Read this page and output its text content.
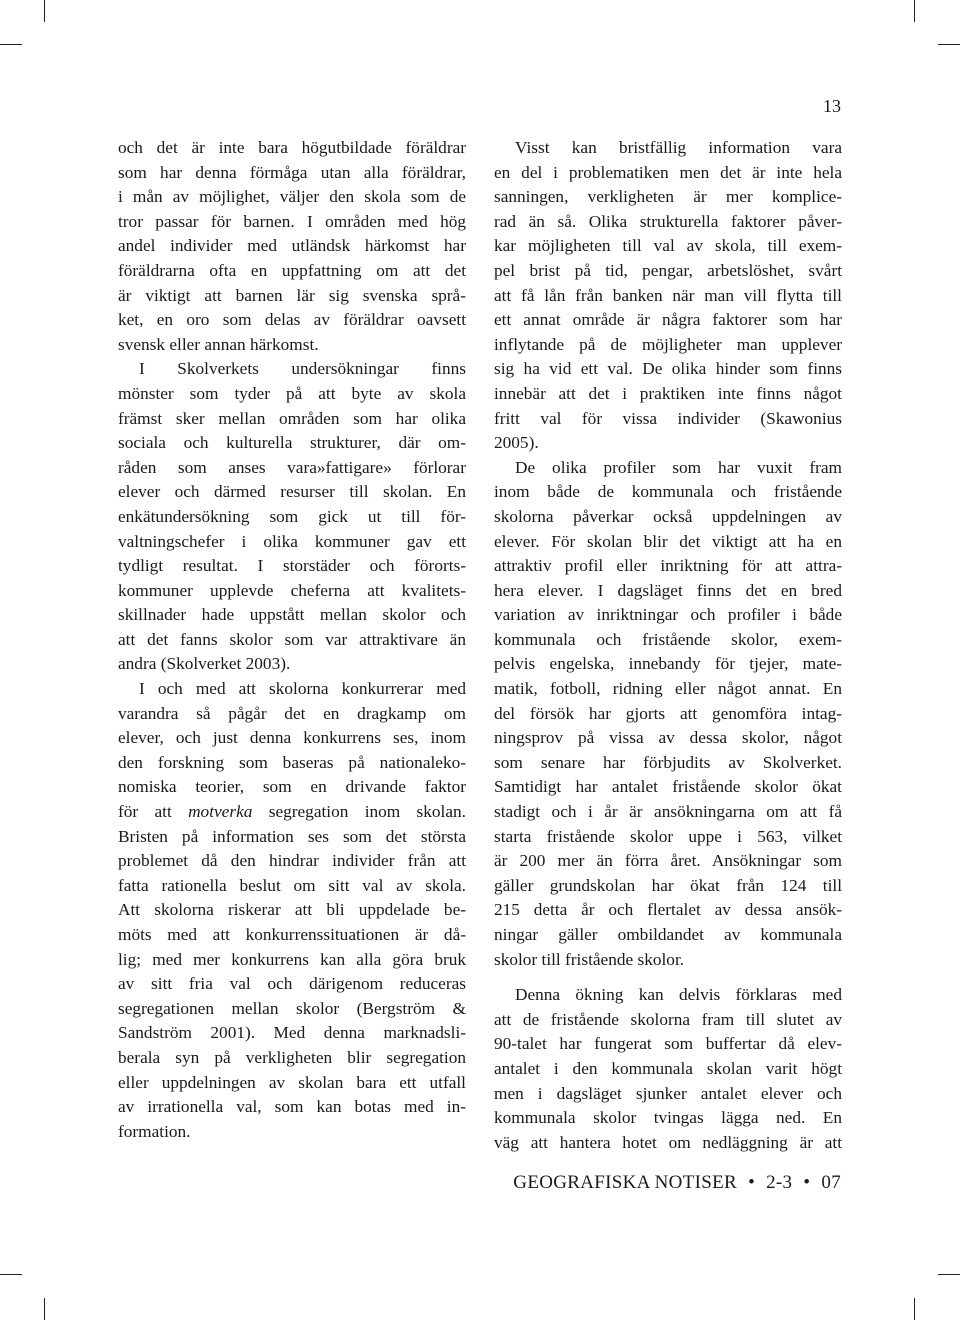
13
och det är inte bara högutbildade föräldrar
som har denna förmåga utan alla föräldrar,
i mån av möjlighet, väljer den skola som de
tror passar för barnen. I områden med hög
andel individer med utländsk härkomst har
föräldrarna ofta en uppfattning om att det
är viktigt att barnen lär sig svenska språ-
ket, en oro som delas av föräldrar oavsett
svensk eller annan härkomst.
I Skolverkets undersökningar finns
mönster som tyder på att byte av skola
främst sker mellan områden som har olika
sociala och kulturella strukturer, där om-
råden som anses vara»fattigare» förlorar
elever och därmed resurser till skolan. En
enkätundersökning som gick ut till för-
valtningschefer i olika kommuner gav ett
tydligt resultat. I storstäder och förorts-
kommuner upplevde cheferna att kvalitets-
skillnader hade uppstått mellan skolor och
att det fanns skolor som var attraktivare än
andra (Skolverket 2003).
I och med att skolorna konkurrerar med
varandra så pågår det en dragkamp om
elever, och just denna konkurrens ses, inom
den forskning som baseras på nationaleko-
nomiska teorier, som en drivande faktor
för att motverka segregation inom skolan.
Bristen på information ses som det största
problemet då den hindrar individer från att
fatta rationella beslut om sitt val av skola.
Att skolorna riskerar att bli uppdelade be-
möts med att konkurrenssituationen är då-
lig; med mer konkurrens kan alla göra bruk
av sitt fria val och därigenom reduceras
segregationen mellan skolor (Bergström &
Sandström 2001). Med denna marknadsli-
berala syn på verkligheten blir segregation
eller uppdelningen av skolan bara ett utfall
av irrationella val, som kan botas med in-
formation.
Visst kan bristfällig information vara
en del i problematiken men det är inte hela
sanningen, verkligheten är mer komplice-
rad än så. Olika strukturella faktorer påver-
kar möjligheten till val av skola, till exem-
pel brist på tid, pengar, arbetslöshet, svårt
att få lån från banken när man vill flytta till
ett annat område är några faktorer som har
inflytande på de möjligheter man upplever
sig ha vid ett val. De olika hinder som finns
innebär att det i praktiken inte finns något
fritt val för vissa individer (Skawonius
2005).
De olika profiler som har vuxit fram
inom både de kommunala och fristående
skolorna påverkar också uppdelningen av
elever. För skolan blir det viktigt att ha en
attraktiv profil eller inriktning för att attra-
hera elever. I dagsläget finns det en bred
variation av inriktningar och profiler i både
kommunala och fristående skolor, exem-
pelvis engelska, innebandy för tjejer, mate-
matik, fotboll, ridning eller något annat. En
del försök har gjorts att genomföra intag-
ningsprov på vissa av dessa skolor, något
som senare har förbjudits av Skolverket.
Samtidigt har antalet fristående skolor ökat
stadigt och i år är ansökningarna om att få
starta fristående skolor uppe i 563, vilket
är 200 mer än förra året. Ansökningar som
gäller grundskolan har ökat från 124 till
215 detta år och flertalet av dessa ansök-
ningar gäller ombildandet av kommunala
skolor till fristående skolor.
Denna ökning kan delvis förklaras med
att de fristående skolorna fram till slutet av
90-talet har fungerat som buffertar då elev-
antalet i den kommunala skolan varit högt
men i dagsläget sjunker antalet elever och
kommunala skolor tvingas lägga ned. En
väg att hantera hotet om nedläggning är att
GEOGRAFISKA NOTISER • 2-3 • 07
